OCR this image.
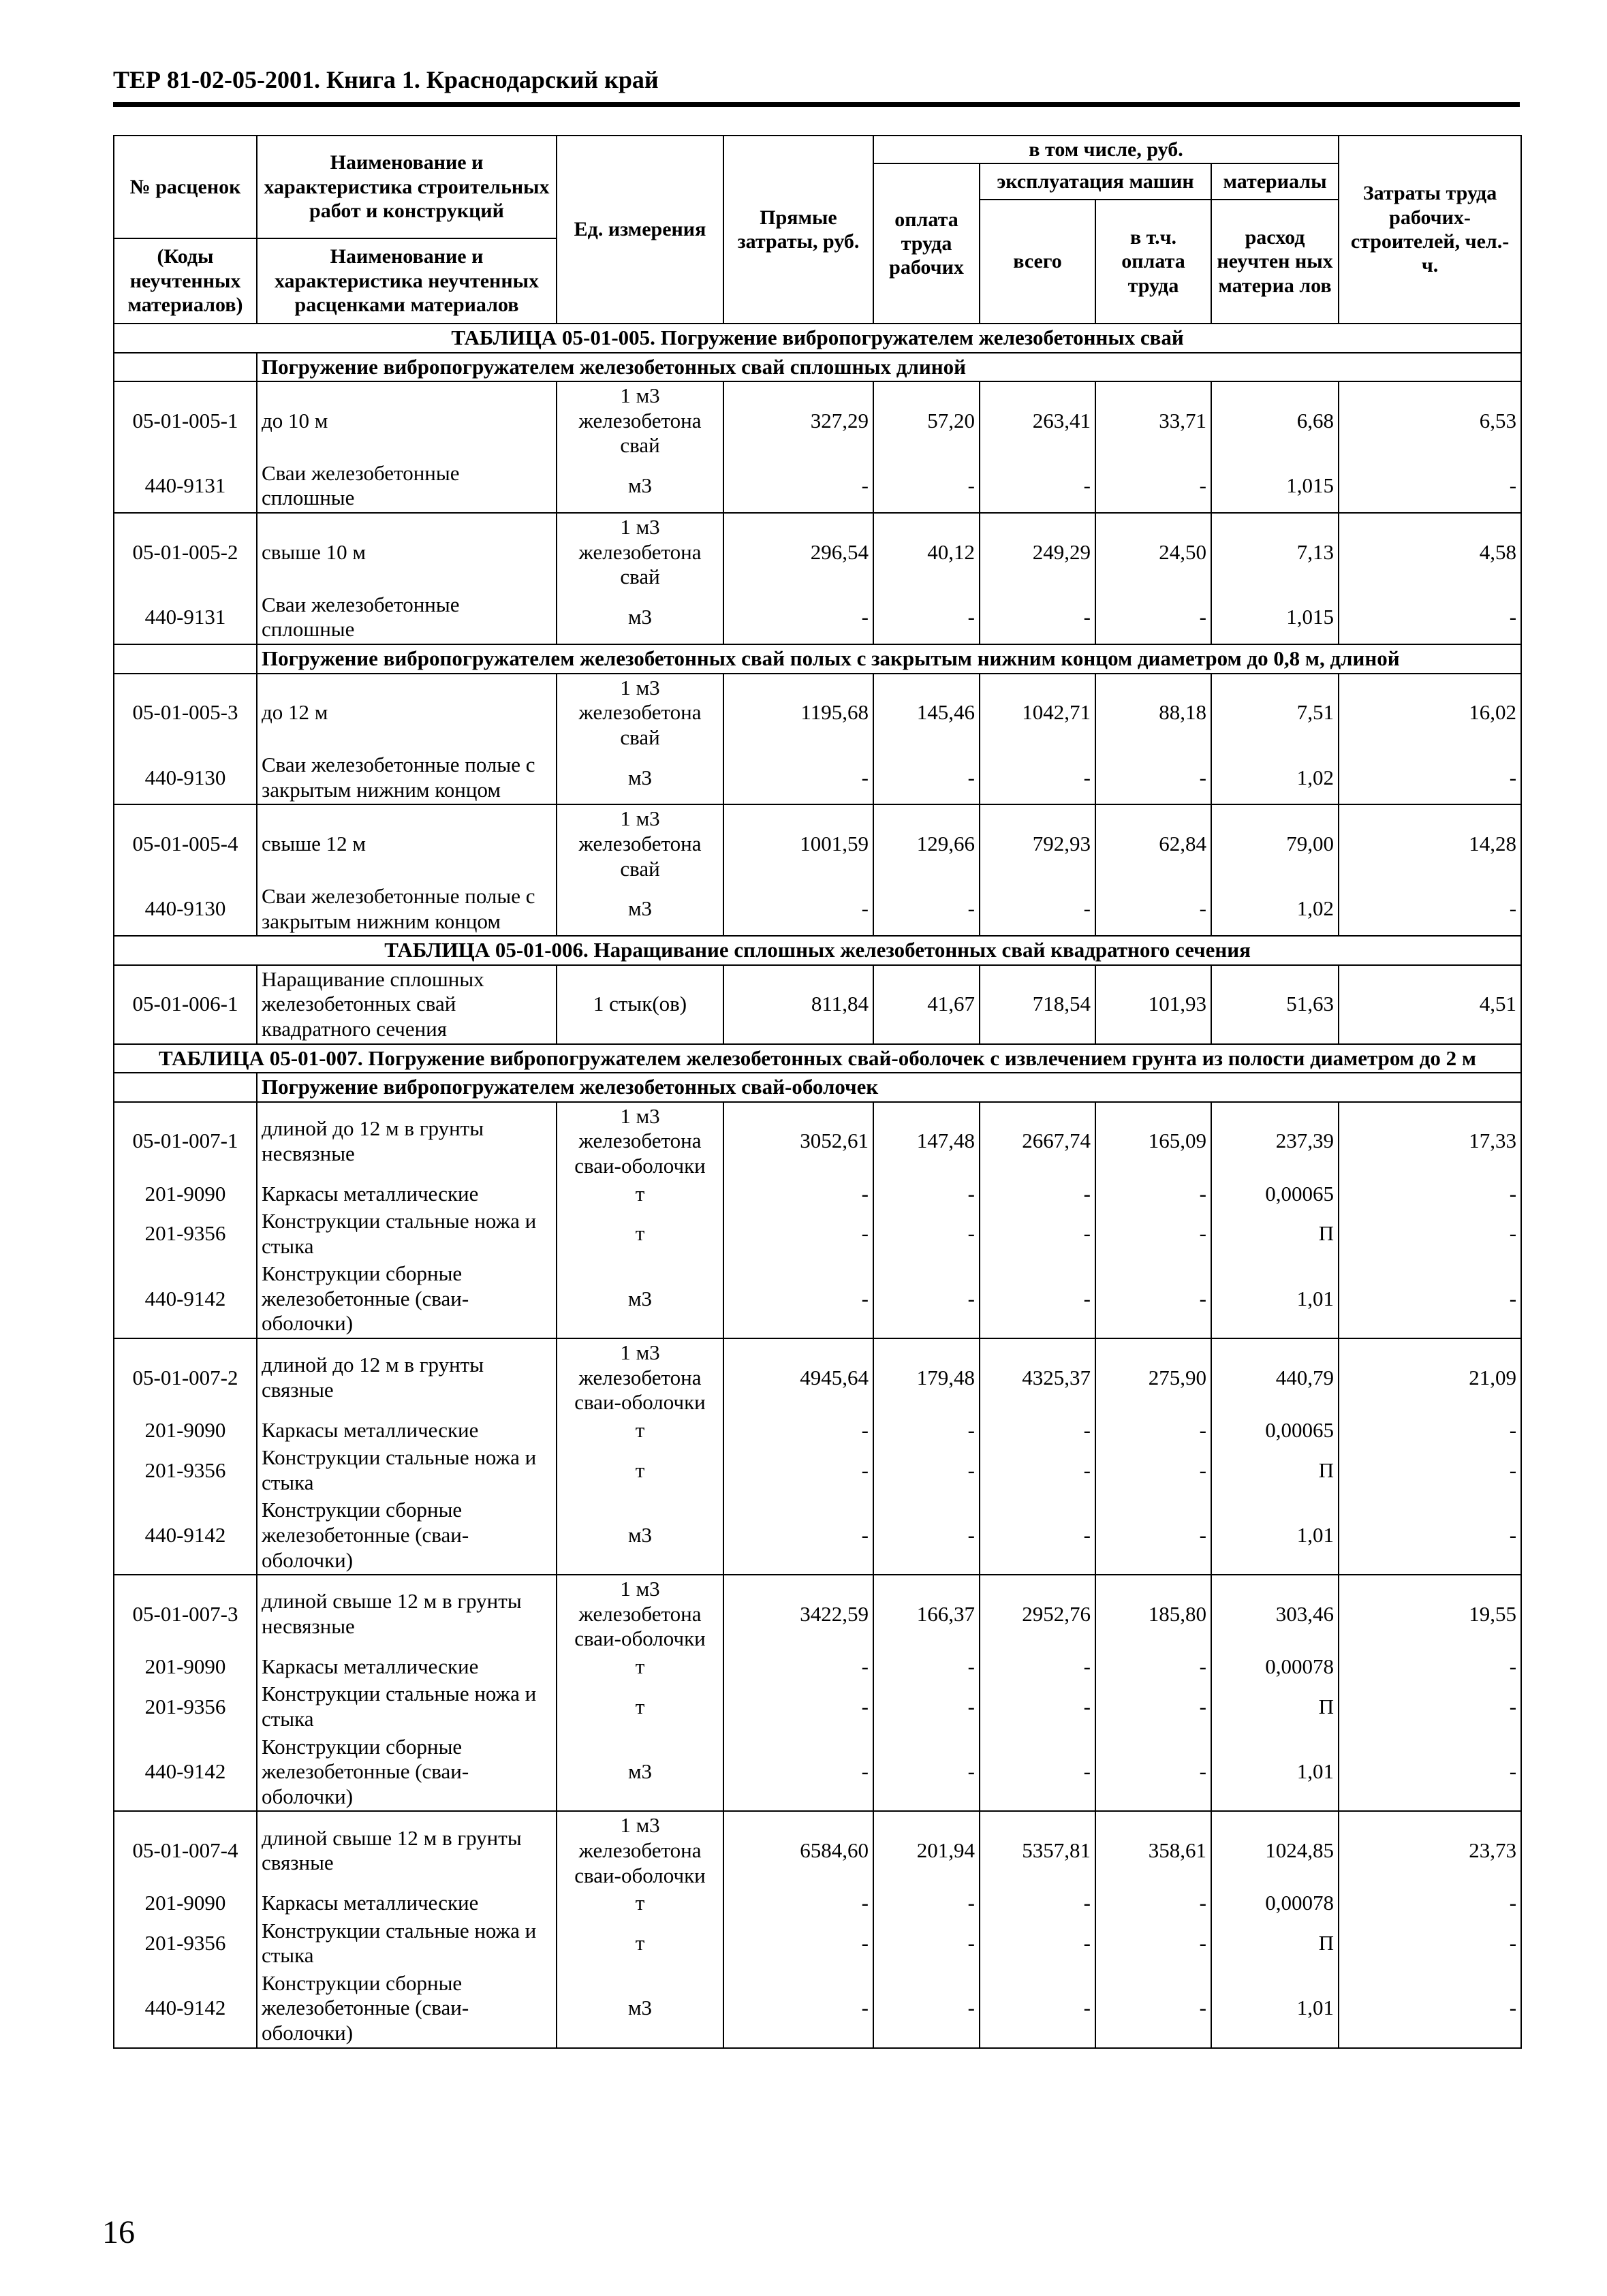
ТЕР 81-02-05-2001. Книга 1. Краснодарский край
№ расценок	Наименование и характеристика строительных работ и конструкций	Ед. измерения	Прямые затраты, руб.	в том числе, руб.				Затраты труда рабочих-строителей, чел.-ч.
				оплата труда рабочих	эксплуатация машин		материалы	
					всего	в т.ч. оплата труда	расход неучтен ных материа лов	
(Коды неучтенных материалов)	Наименование и характеристика неучтенных расценками материалов							

ТАБЛИЦА 05-01-005. Погружение вибропогружателем железобетонных свай								
	Погружение вибропогружателем железобетонных свай сплошных длиной							
05-01-005-1	до 10 м	1 м3 железобетона свай	327,29	57,20	263,41	33,71	6,68	6,53
440-9131	Сваи железобетонные сплошные	м3	-	-	-	-	1,015	-
05-01-005-2	свыше 10 м	1 м3 железобетона свай	296,54	40,12	249,29	24,50	7,13	4,58
440-9131	Сваи железобетонные сплошные	м3	-	-	-	-	1,015	-
	Погружение вибропогружателем железобетонных свай полых с закрытым нижним концом диаметром до 0,8 м, длиной							
05-01-005-3	до 12 м	1 м3 железобетона свай	1195,68	145,46	1042,71	88,18	7,51	16,02
440-9130	Сваи железобетонные полые с закрытым нижним концом	м3	-	-	-	-	1,02	-
05-01-005-4	свыше 12 м	1 м3 железобетона свай	1001,59	129,66	792,93	62,84	79,00	14,28
440-9130	Сваи железобетонные полые с закрытым нижним концом	м3	-	-	-	-	1,02	-
ТАБЛИЦА 05-01-006. Наращивание сплошных железобетонных свай квадратного сечения								
05-01-006-1	Наращивание сплошных железобетонных свай квадратного сечения	1 стык(ов)	811,84	41,67	718,54	101,93	51,63	4,51
ТАБЛИЦА 05-01-007. Погружение вибропогружателем железобетонных свай-оболочек с извлечением грунта из полости диаметром до 2 м								
	Погружение вибропогружателем железобетонных свай-оболочек							
05-01-007-1	длиной до 12 м в грунты несвязные	1 м3 железобетона сваи-оболочки	3052,61	147,48	2667,74	165,09	237,39	17,33
201-9090	Каркасы металлические	т	-	-	-	-	0,00065	-
201-9356	Конструкции стальные ножа и стыка	т	-	-	-	-	П	-
440-9142	Конструкции сборные железобетонные (сваи-оболочки)	м3	-	-	-	-	1,01	-
05-01-007-2	длиной до 12 м в грунты связные	1 м3 железобетона сваи-оболочки	4945,64	179,48	4325,37	275,90	440,79	21,09
201-9090	Каркасы металлические	т	-	-	-	-	0,00065	-
201-9356	Конструкции стальные ножа и стыка	т	-	-	-	-	П	-
440-9142	Конструкции сборные железобетонные (сваи-оболочки)	м3	-	-	-	-	1,01	-
05-01-007-3	длиной свыше 12 м в грунты несвязные	1 м3 железобетона сваи-оболочки	3422,59	166,37	2952,76	185,80	303,46	19,55
201-9090	Каркасы металлические	т	-	-	-	-	0,00078	-
201-9356	Конструкции стальные ножа и стыка	т	-	-	-	-	П	-
440-9142	Конструкции сборные железобетонные (сваи-оболочки)	м3	-	-	-	-	1,01	-
05-01-007-4	длиной свыше 12 м в грунты связные	1 м3 железобетона сваи-оболочки	6584,60	201,94	5357,81	358,61	1024,85	23,73
201-9090	Каркасы металлические	т	-	-	-	-	0,00078	-
201-9356	Конструкции стальные ножа и стыка	т	-	-	-	-	П	-
440-9142	Конструкции сборные железобетонные (сваи-оболочки)	м3	-	-	-	-	1,01	-
16
